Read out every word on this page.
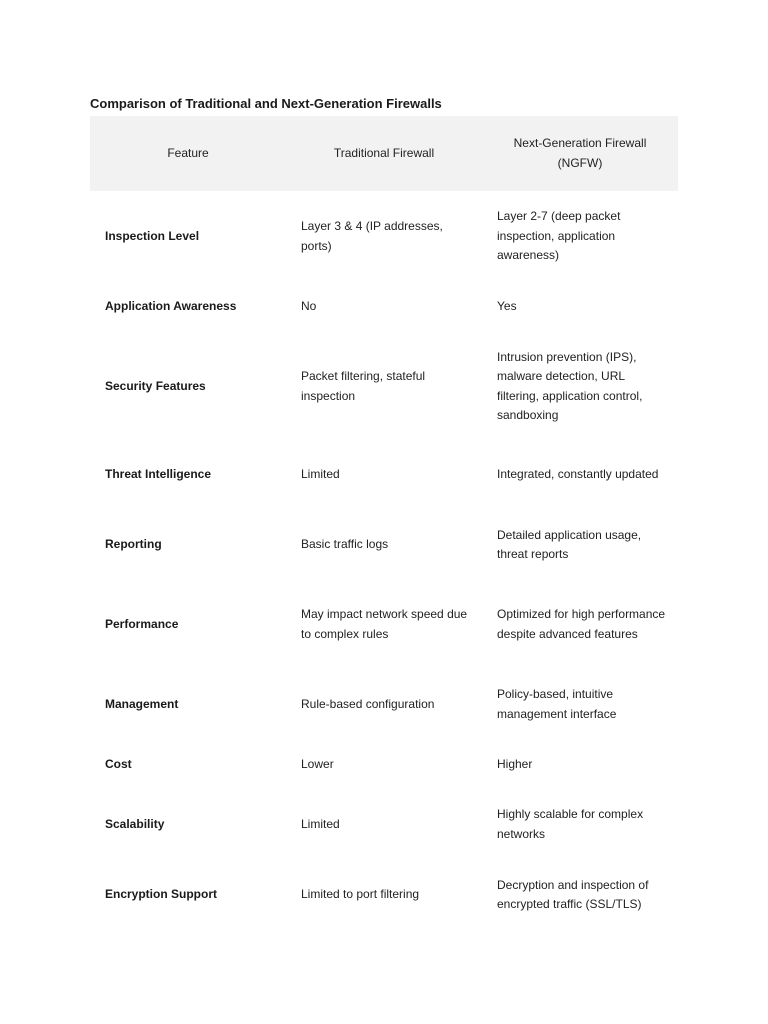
Comparison of Traditional and Next-Generation Firewalls
Feature	Traditional Firewall	Next-Generation Firewall (NGFW)
Inspection Level	Layer 3 & 4 (IP addresses, ports)	Layer 2-7 (deep packet inspection, application awareness)
Application Awareness	No	Yes
Security Features	Packet filtering, stateful inspection	Intrusion prevention (IPS), malware detection, URL filtering, application control, sandboxing
Threat Intelligence	Limited	Integrated, constantly updated
Reporting	Basic traffic logs	Detailed application usage, threat reports
Performance	May impact network speed due to complex rules	Optimized for high performance despite advanced features
Management	Rule-based configuration	Policy-based, intuitive management interface
Cost	Lower	Higher
Scalability	Limited	Highly scalable for complex networks
Encryption Support	Limited to port filtering	Decryption and inspection of encrypted traffic (SSL/TLS)
